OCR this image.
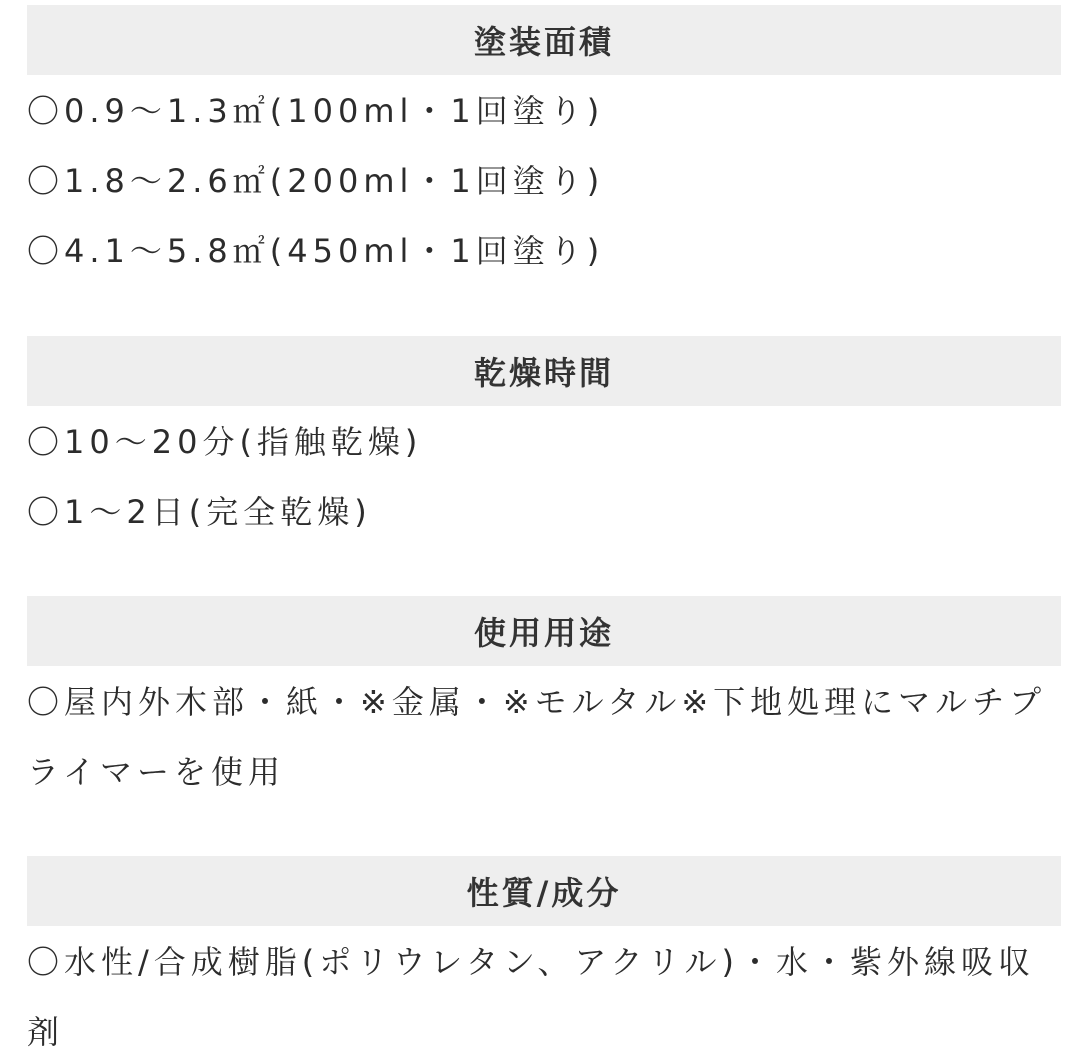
塗装面積
〇0.9〜1.3㎡(100ml・1回塗り)
〇1.8〜2.6㎡(200ml・1回塗り)
〇4.1〜5.8㎡(450ml・1回塗り)
乾燥時間
〇10〜20分(指触乾燥)
〇1〜2日(完全乾燥)
使用用途
〇屋内外木部・紙・※金属・※モルタル※下地処理にマルチプ
ライマーを使用
性質/成分
〇水性/合成樹脂(ポリウレタン、アクリル)・水・紫外線吸収
剤
